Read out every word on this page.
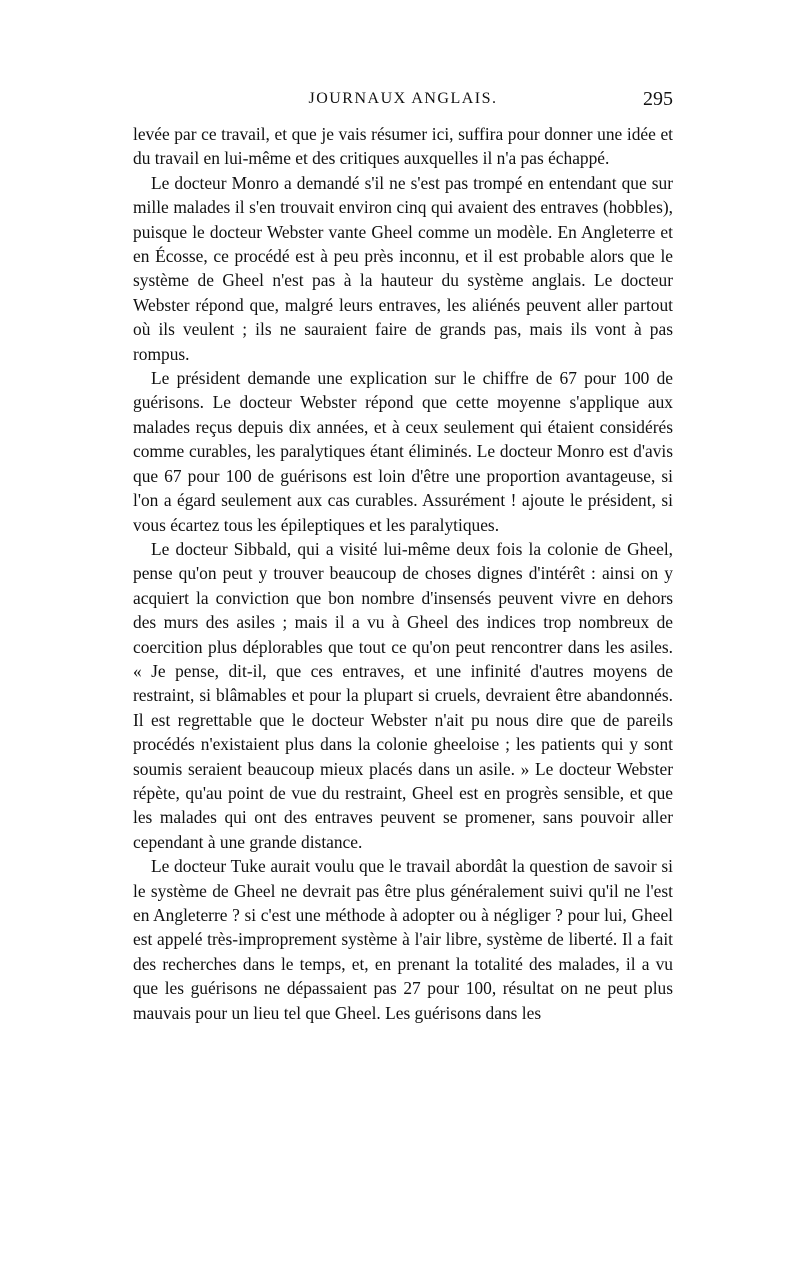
JOURNAUX ANGLAIS.	295

levée par ce travail, et que je vais résumer ici, suffira pour donner une idée et du travail en lui-même et des critiques auxquelles il n'a pas échappé.

Le docteur Monro a demandé s'il ne s'est pas trompé en entendant que sur mille malades il s'en trouvait environ cinq qui avaient des entraves (hobbles), puisque le docteur Webster vante Gheel comme un modèle. En Angleterre et en Écosse, ce procédé est à peu près inconnu, et il est probable alors que le système de Gheel n'est pas à la hauteur du système anglais. Le docteur Webster répond que, malgré leurs entraves, les aliénés peuvent aller partout où ils veulent ; ils ne sauraient faire de grands pas, mais ils vont à pas rompus.

Le président demande une explication sur le chiffre de 67 pour 100 de guérisons. Le docteur Webster répond que cette moyenne s'applique aux malades reçus depuis dix années, et à ceux seulement qui étaient considérés comme curables, les paralytiques étant éliminés. Le docteur Monro est d'avis que 67 pour 100 de guérisons est loin d'être une proportion avantageuse, si l'on a égard seulement aux cas curables. Assurément ! ajoute le président, si vous écartez tous les épileptiques et les paralytiques.

Le docteur Sibbald, qui a visité lui-même deux fois la colonie de Gheel, pense qu'on peut y trouver beaucoup de choses dignes d'intérêt : ainsi on y acquiert la conviction que bon nombre d'insensés peuvent vivre en dehors des murs des asiles ; mais il a vu à Gheel des indices trop nombreux de coercition plus déplorables que tout ce qu'on peut rencontrer dans les asiles. « Je pense, dit-il, que ces entraves, et une infinité d'autres moyens de restraint, si blâmables et pour la plupart si cruels, devraient être abandonnés. Il est regrettable que le docteur Webster n'ait pu nous dire que de pareils procédés n'existaient plus dans la colonie gheeloise ; les patients qui y sont soumis seraient beaucoup mieux placés dans un asile. » Le docteur Webster répète, qu'au point de vue du restraint, Gheel est en progrès sensible, et que les malades qui ont des entraves peuvent se promener, sans pouvoir aller cependant à une grande distance.

Le docteur Tuke aurait voulu que le travail abordât la question de savoir si le système de Gheel ne devrait pas être plus généralement suivi qu'il ne l'est en Angleterre ? si c'est une méthode à adopter ou à négliger ? pour lui, Gheel est appelé très-improprement système à l'air libre, système de liberté. Il a fait des recherches dans le temps, et, en prenant la totalité des malades, il a vu que les guérisons ne dépassaient pas 27 pour 100, résultat on ne peut plus mauvais pour un lieu tel que Gheel. Les guérisons dans les
